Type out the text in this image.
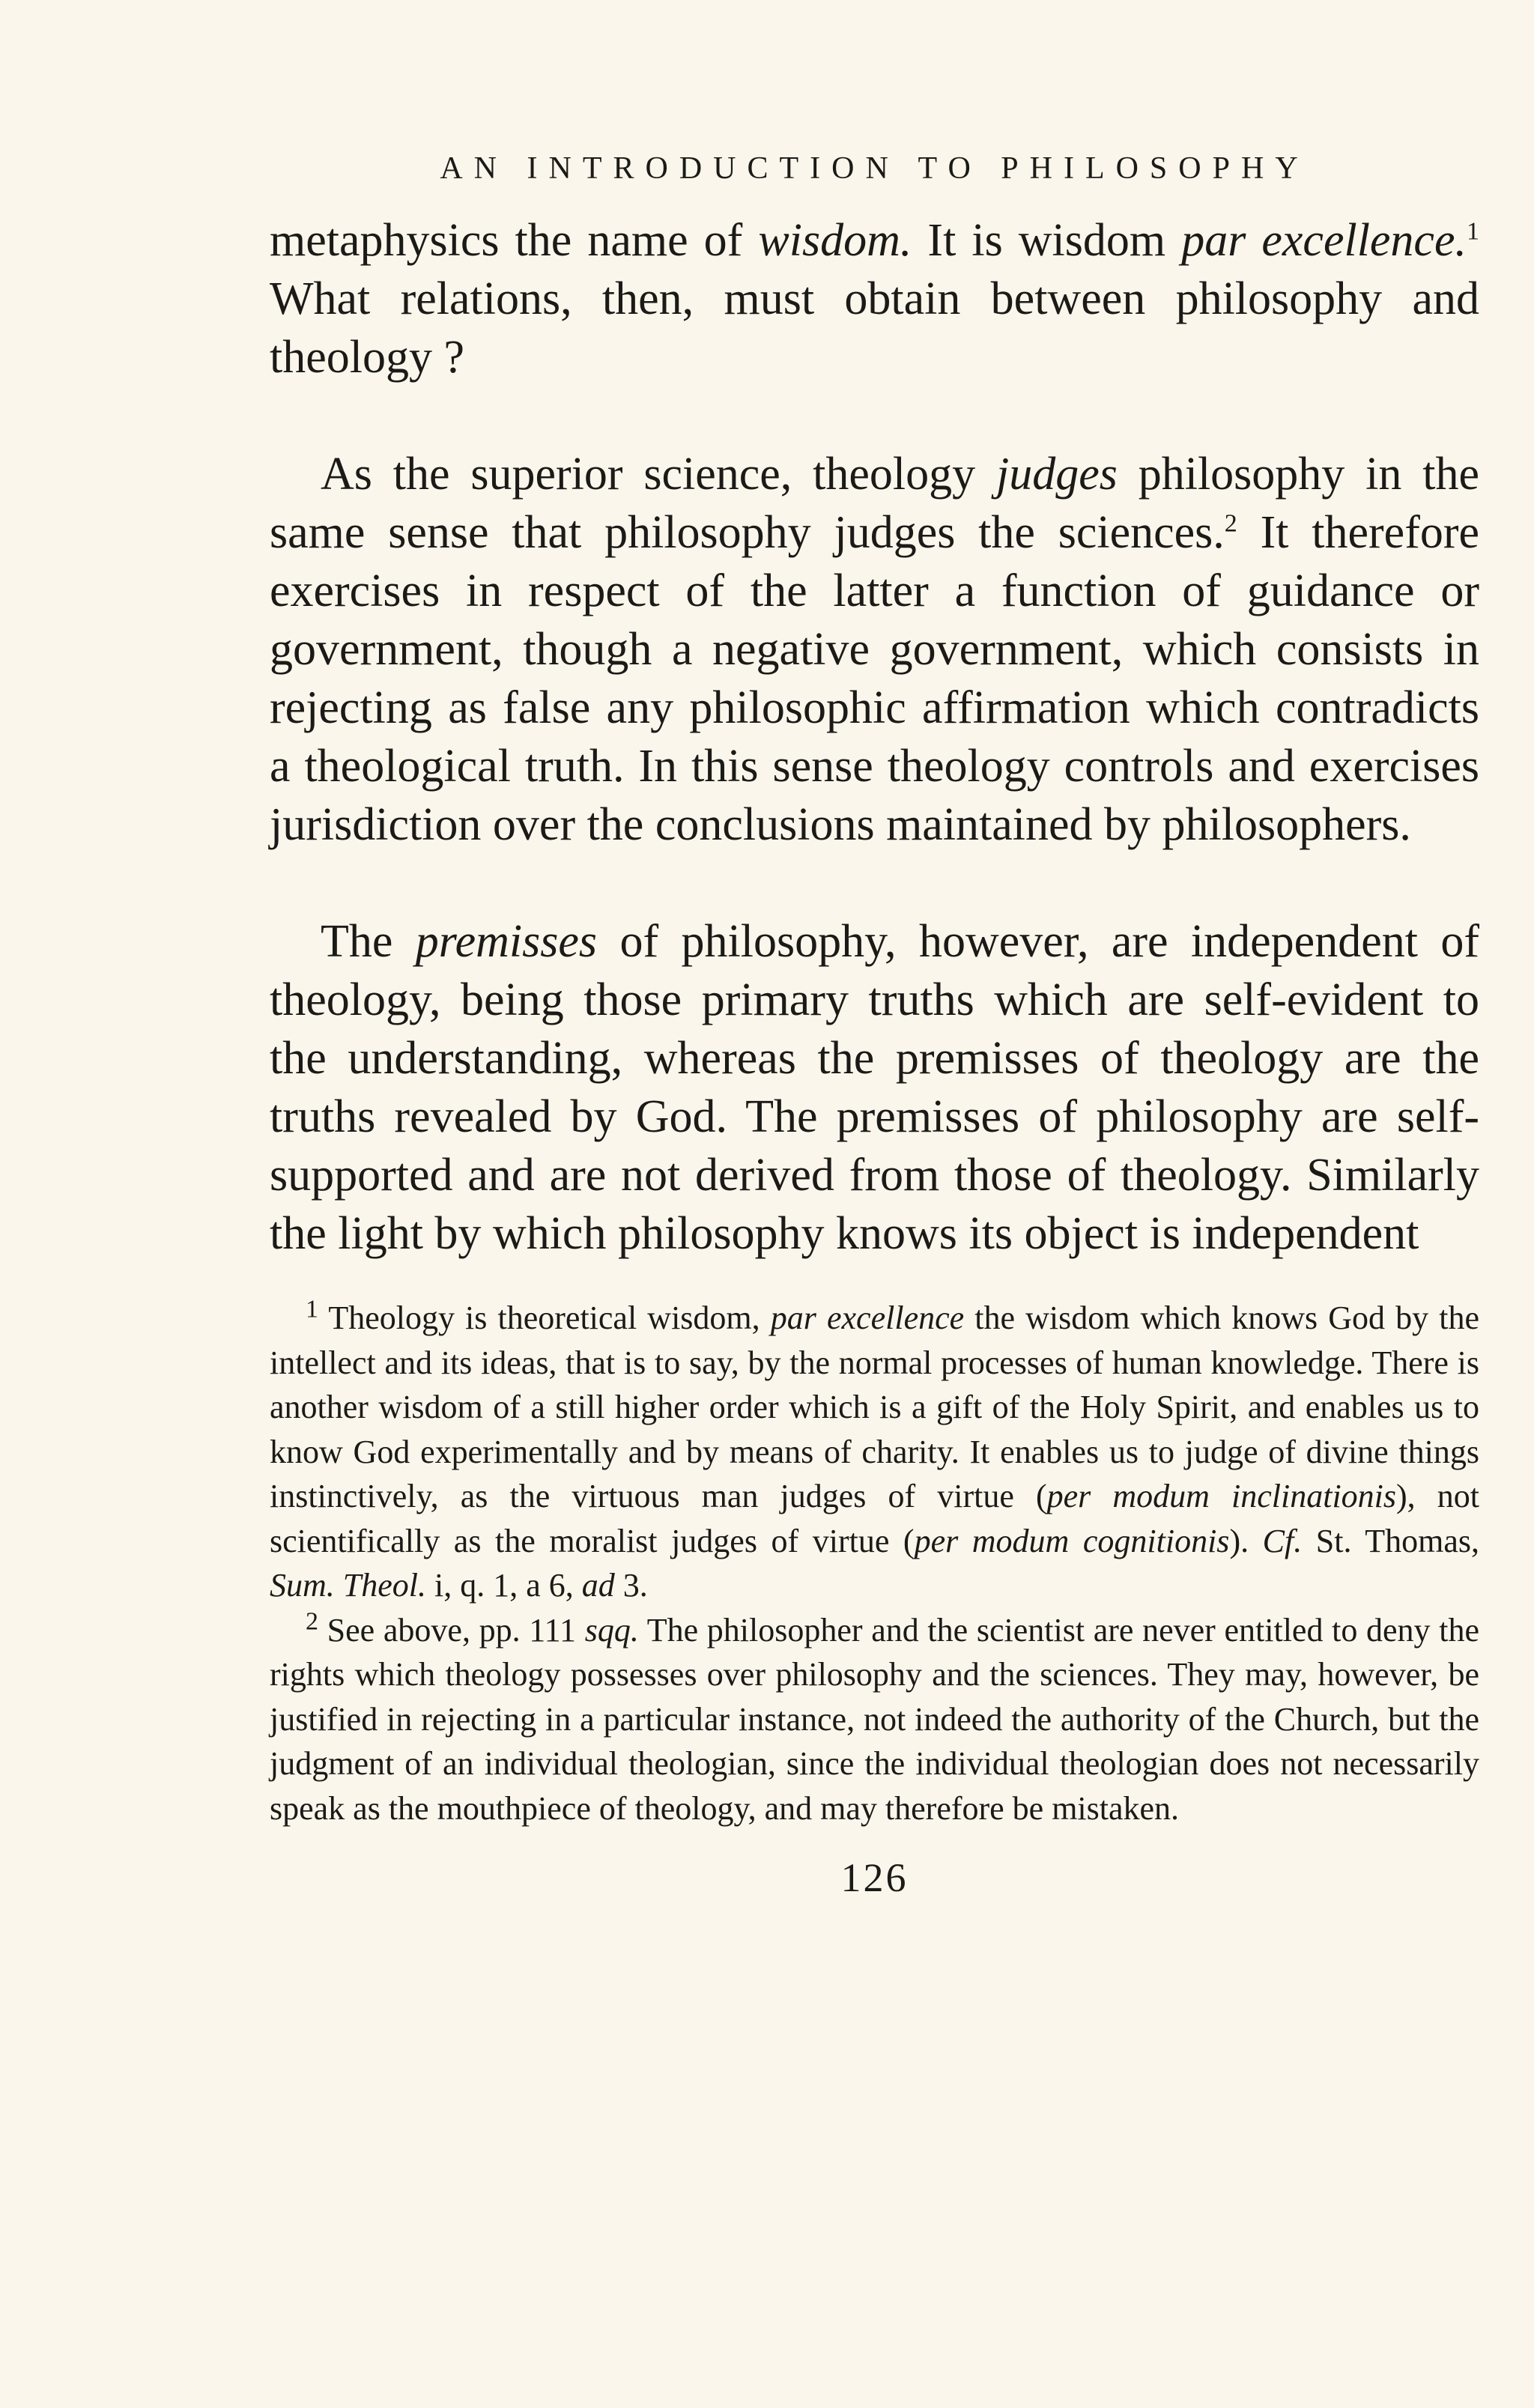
AN INTRODUCTION TO PHILOSOPHY

metaphysics the name of wisdom. It is wisdom par excellence.$^1$ What relations, then, must obtain between philosophy and theology ?

As the superior science, theology judges philosophy in the same sense that philosophy judges the sciences.$^2$ It therefore exercises in respect of the latter a function of guidance or government, though a negative government, which consists in rejecting as false any philosophic affirmation which contradicts a theological truth. In this sense theology controls and exercises jurisdiction over the conclusions maintained by philosophers.

The premisses of philosophy, however, are independent of theology, being those primary truths which are self-evident to the understanding, whereas the premisses of theology are the truths revealed by God. The premisses of philosophy are self-supported and are not derived from those of theology. Similarly the light by which philosophy knows its object is independent

$^1$ Theology is theoretical wisdom, par excellence the wisdom which knows God by the intellect and its ideas, that is to say, by the normal processes of human knowledge. There is another wisdom of a still higher order which is a gift of the Holy Spirit, and enables us to know God experimentally and by means of charity. It enables us to judge of divine things instinctively, as the virtuous man judges of virtue (per modum inclinationis), not scientifically as the moralist judges of virtue (per modum cognitionis). Cf. St. Thomas, Sum. Theol. i, q. 1, a 6, ad 3.

$^2$ See above, pp. 111 sqq. The philosopher and the scientist are never entitled to deny the rights which theology possesses over philosophy and the sciences. They may, however, be justified in rejecting in a particular instance, not indeed the authority of the Church, but the judgment of an individual theologian, since the individual theologian does not necessarily speak as the mouthpiece of theology, and may therefore be mistaken.

126
